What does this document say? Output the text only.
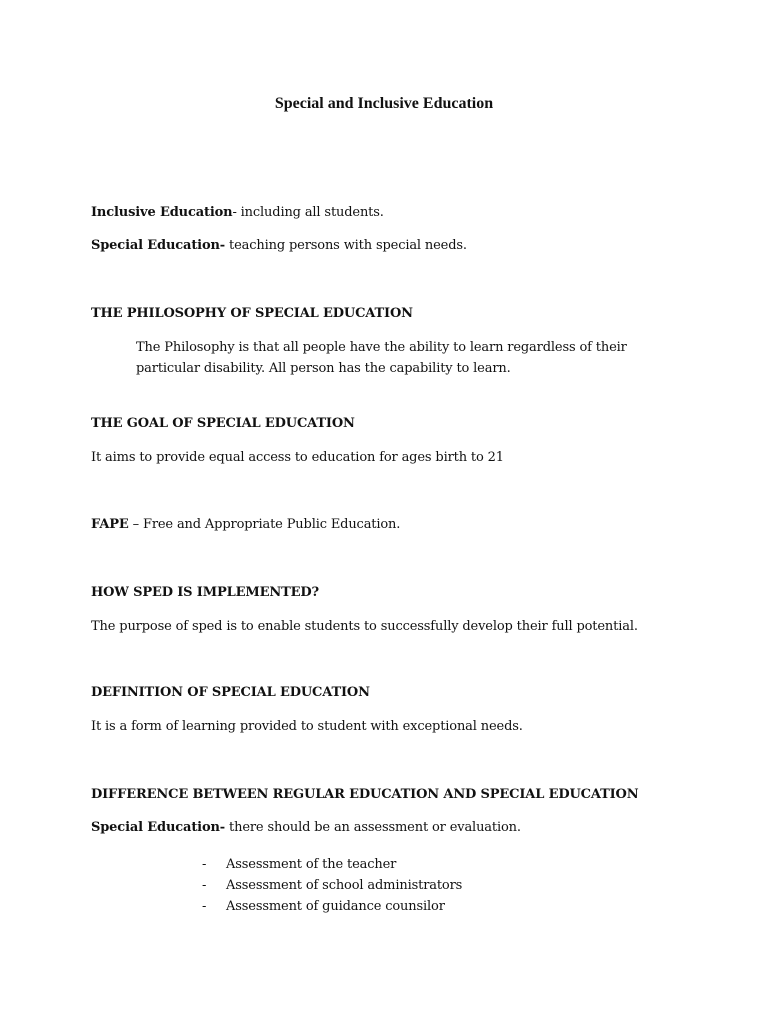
Special and Inclusive Education
Inclusive Education- including all students.
Special Education- teaching persons with special needs.
THE PHILOSOPHY OF SPECIAL EDUCATION
The Philosophy is that all people have the ability to learn regardless of their
particular disability. All person has the capability to learn.
THE GOAL OF SPECIAL EDUCATION
It aims to provide equal access to education for ages birth to 21
FAPE – Free and Appropriate Public Education.
HOW SPED IS IMPLEMENTED?
The purpose of sped is to enable students to successfully develop their full potential.
DEFINITION OF SPECIAL EDUCATION
It is a form of learning provided to student with exceptional needs.
DIFFERENCE BETWEEN REGULAR EDUCATION AND SPECIAL EDUCATION
Special Education- there should be an assessment or evaluation.
- Assessment of the teacher
- Assessment of school administrators
- Assessment of guidance counsilor
